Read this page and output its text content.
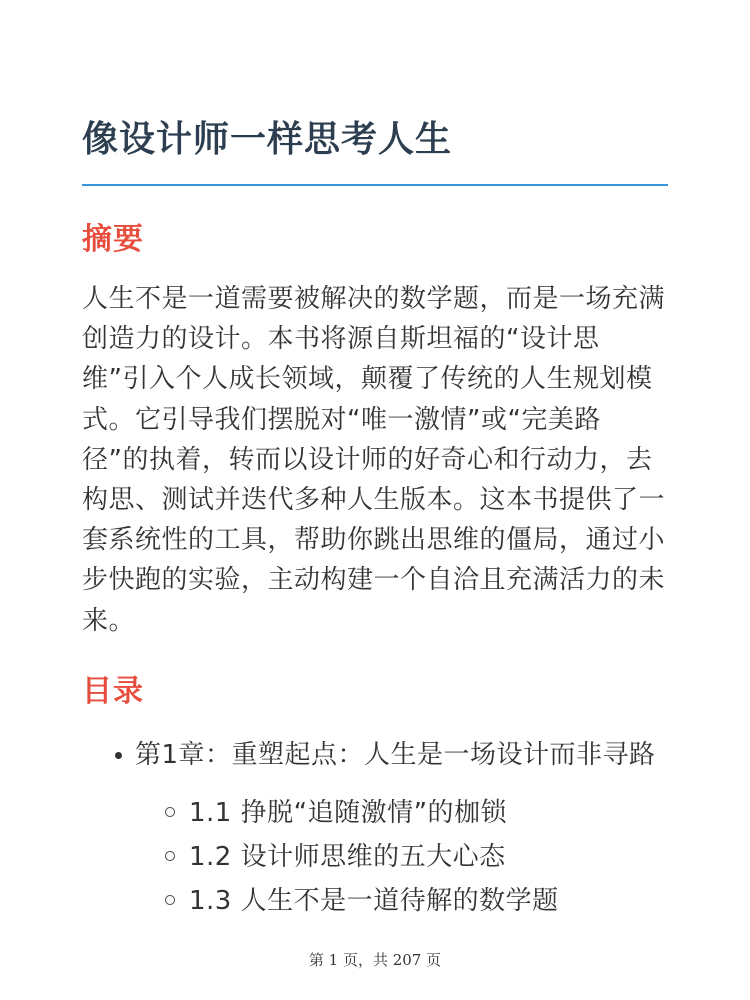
像设计师一样思考人生
摘要
人生不是一道需要被解决的数学题，而是一场充满
创造力的设计。本书将源自斯坦福的“设计思
维”引入个人成长领域，颠覆了传统的人生规划模
式。它引导我们摆脱对“唯一激情”或“完美路
径”的执着，转而以设计师的好奇心和行动力，去
构思、测试并迭代多种人生版本。这本书提供了一
套系统性的工具，帮助你跳出思维的僵局，通过小
步快跑的实验，主动构建一个自洽且充满活力的未
来。
目录
第1章：重塑起点：人生是一场设计而非寻路
1.1 挣脱“追随激情”的枷锁
1.2 设计师思维的五大心态
1.3 人生不是一道待解的数学题
第 1 页，共 207 页
